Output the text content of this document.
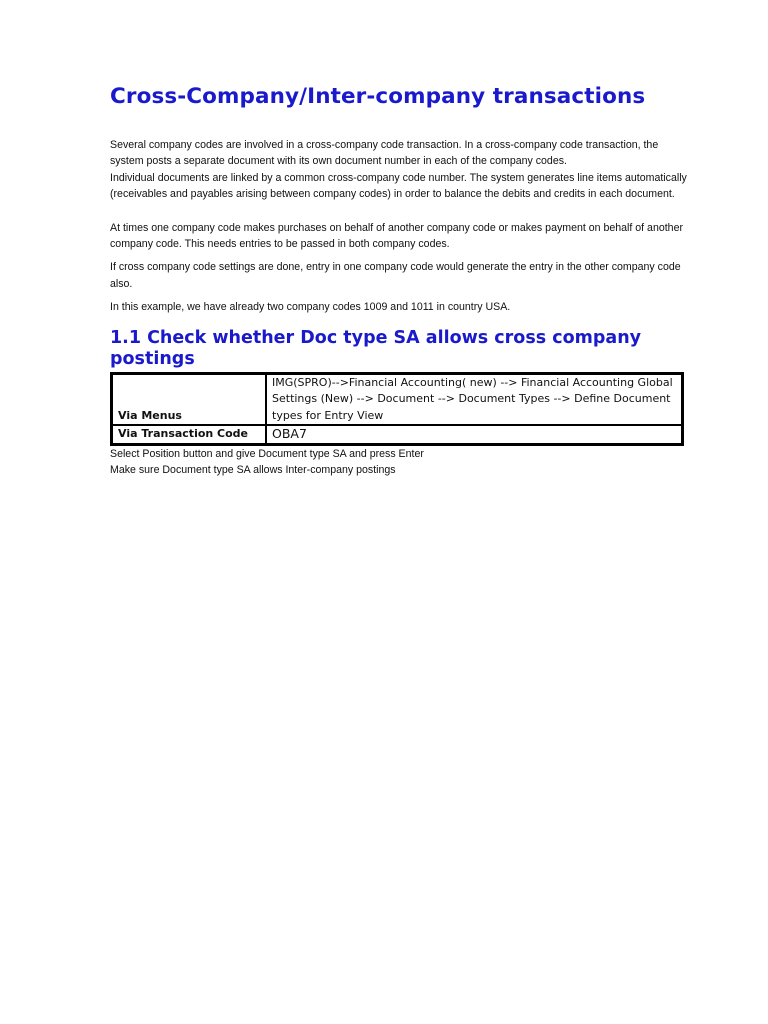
Cross-Company/Inter-company transactions

Several company codes are involved in a cross-company code transaction. In a cross-company code transaction, the system posts a separate document with its own document number in each of the company codes.

Individual documents are linked by a common cross-company code number. The system generates line items automatically (receivables and payables arising between company codes) in order to balance the debits and credits in each document.

At times one company code makes purchases on behalf of another company code or makes payment on behalf of another company code. This needs entries to be passed in both company codes.

If cross company code settings are done, entry in one company code would generate the entry in the other company code also.

In this example, we have already two company codes 1009 and 1011 in country USA.

1.1 Check whether Doc type SA allows cross company postings
Via Menus	IMG(SPRO)-->Financial Accounting( new) --> Financial Accounting Global Settings (New) --> Document --> Document Types --> Define Document types for Entry View
Via Transaction Code	OBA7

Select Position button and give Document type SA and press Enter

Make sure Document type SA allows Inter-company postings
